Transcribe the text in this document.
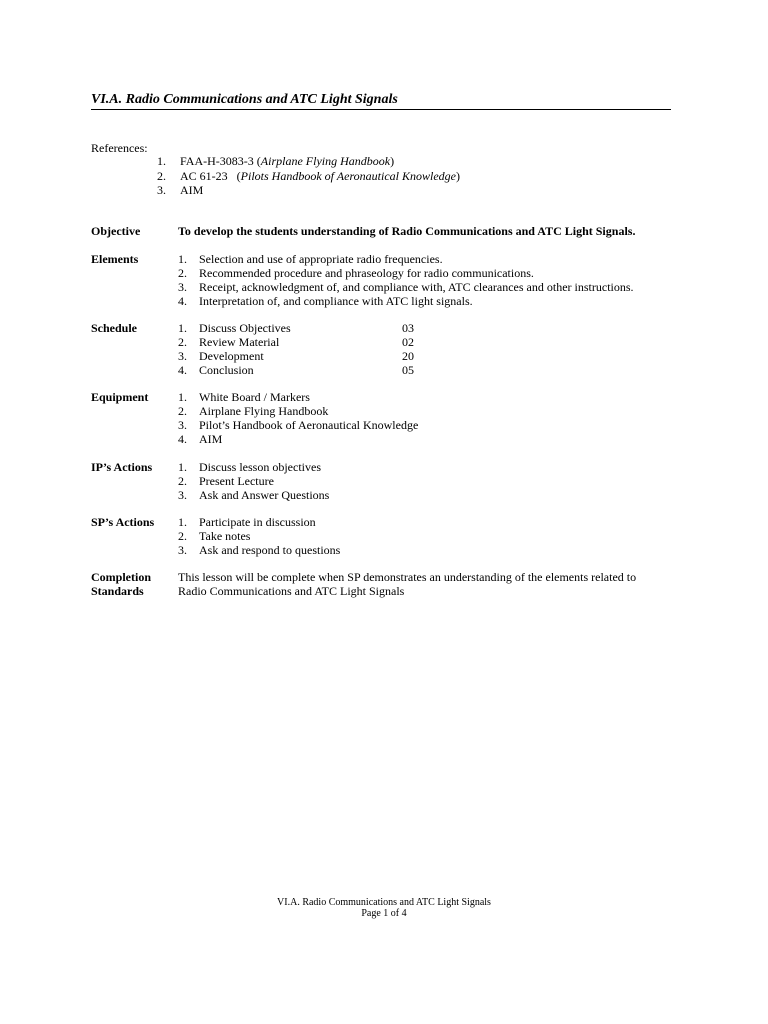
VI.A. Radio Communications and ATC Light Signals
References:
1. FAA-H-3083-3 (Airplane Flying Handbook)
2. AC 61-23   (Pilots Handbook of Aeronautical Knowledge)
3. AIM
Objective	To develop the students understanding of Radio Communications and ATC Light Signals.
Elements	1. Selection and use of appropriate radio frequencies.
2. Recommended procedure and phraseology for radio communications.
3. Receipt, acknowledgment of, and compliance with, ATC clearances and other instructions.
4. Interpretation of, and compliance with ATC light signals.
Schedule	1. Discuss Objectives	03
2. Review Material	02
3. Development	20
4. Conclusion	05
Equipment 1. White Board / Markers
2. Airplane Flying Handbook
3. Pilot’s Handbook of Aeronautical Knowledge
4. AIM
IP’s Actions 1. Discuss lesson objectives
2. Present Lecture
3. Ask and Answer Questions
SP’s Actions 1. Participate in discussion
2. Take notes
3. Ask and respond to questions
Completion
Standards
This lesson will be complete when SP demonstrates an understanding of the elements related to
Radio Communications and ATC Light Signals
VI.A. Radio Communications and ATC Light Signals
Page 1 of 4
